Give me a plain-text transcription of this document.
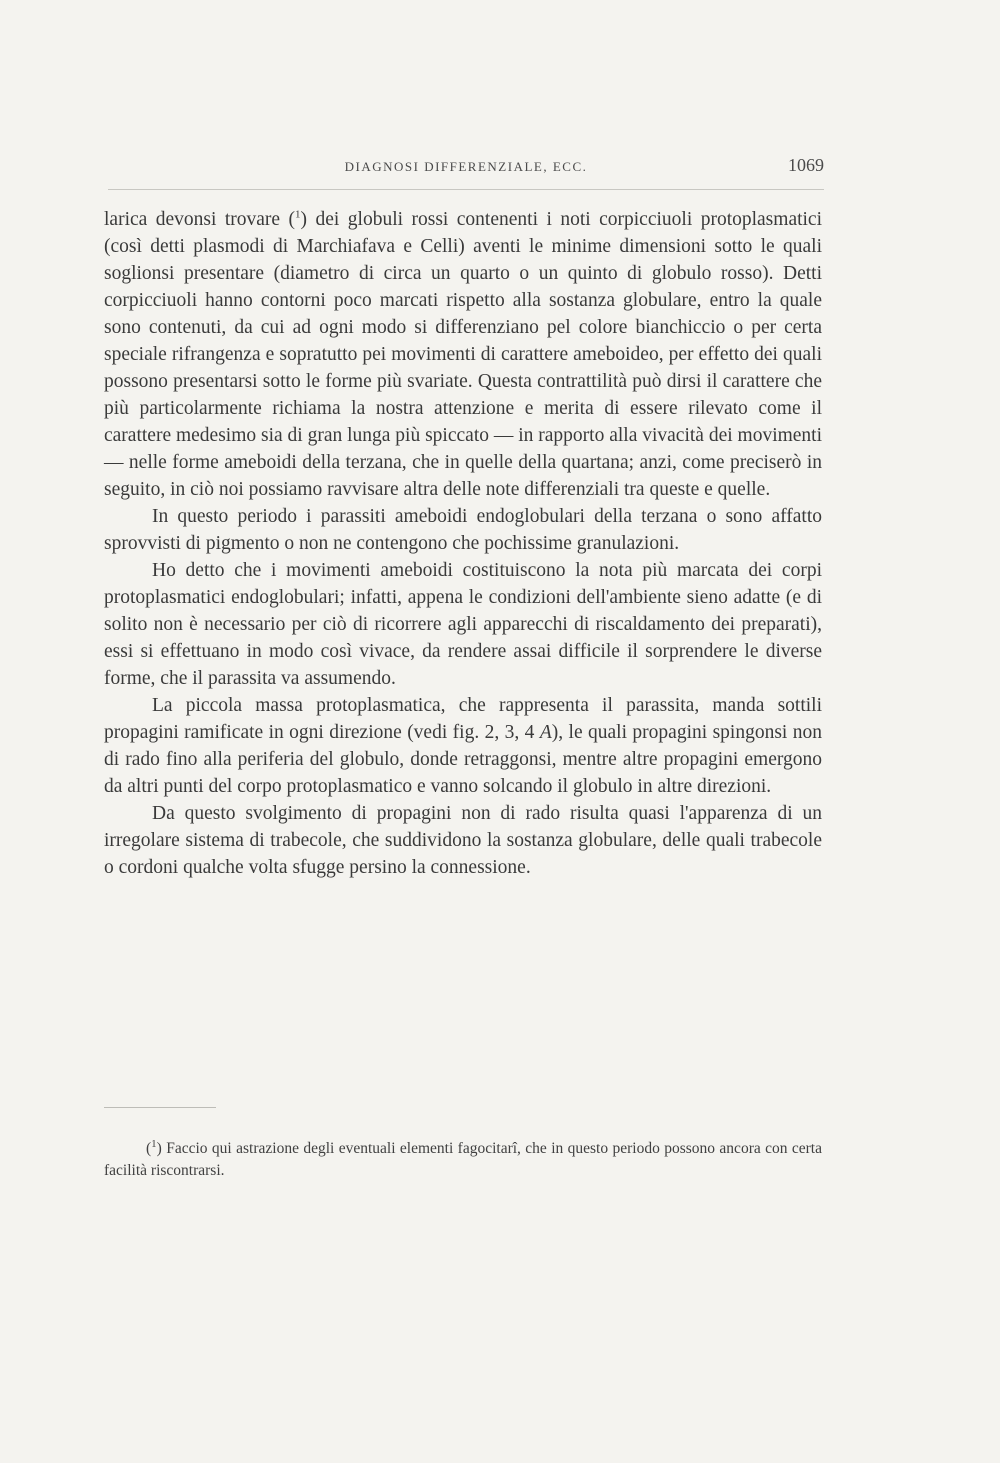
DIAGNOSI DIFFERENZIALE, ECC.	1069

larica devonsi trovare ($^1$) dei globuli rossi contenenti i noti corpicciuoli protoplasmatici (così detti plasmodi di Marchiafava e Celli) aventi le minime dimensioni sotto le quali soglionsi presentare (diametro di circa un quarto o un quinto di globulo rosso). Detti corpicciuoli hanno contorni poco marcati rispetto alla sostanza globulare, entro la quale sono contenuti, da cui ad ogni modo si differenziano pel colore bianchiccio o per certa speciale rifrangenza e sopratutto pei movimenti di carattere ameboideo, per effetto dei quali possono presentarsi sotto le forme più svariate. Questa contrattilità può dirsi il carattere che più particolarmente richiama la nostra attenzione e merita di essere rilevato come il carattere medesimo sia di gran lunga più spiccato — in rapporto alla vivacità dei movimenti — nelle forme ameboidi della terzana, che in quelle della quartana; anzi, come preciserò in seguito, in ciò noi possiamo ravvisare altra delle note differenziali tra queste e quelle.

In questo periodo i parassiti ameboidi endoglobulari della terzana o sono affatto sprovvisti di pigmento o non ne contengono che pochissime granulazioni.

Ho detto che i movimenti ameboidi costituiscono la nota più marcata dei corpi protoplasmatici endoglobulari; infatti, appena le condizioni dell'ambiente sieno adatte (e di solito non è necessario per ciò di ricorrere agli apparecchi di riscaldamento dei preparati), essi si effettuano in modo così vivace, da rendere assai difficile il sorprendere le diverse forme, che il parassita va assumendo.

La piccola massa protoplasmatica, che rappresenta il parassita, manda sottili propagini ramificate in ogni direzione (vedi fig. 2, 3, 4 A), le quali propagini spingonsi non di rado fino alla periferia del globulo, donde retraggonsi, mentre altre propagini emergono da altri punti del corpo protoplasmatico e vanno solcando il globulo in altre direzioni.

Da questo svolgimento di propagini non di rado risulta quasi l'apparenza di un irregolare sistema di trabecole, che suddividono la sostanza globulare, delle quali trabecole o cordoni qualche volta sfugge persino la connessione.

($^1$) Faccio qui astrazione degli eventuali elementi fagocitarî, che in questo periodo possono ancora con certa facilità riscontrarsi.
